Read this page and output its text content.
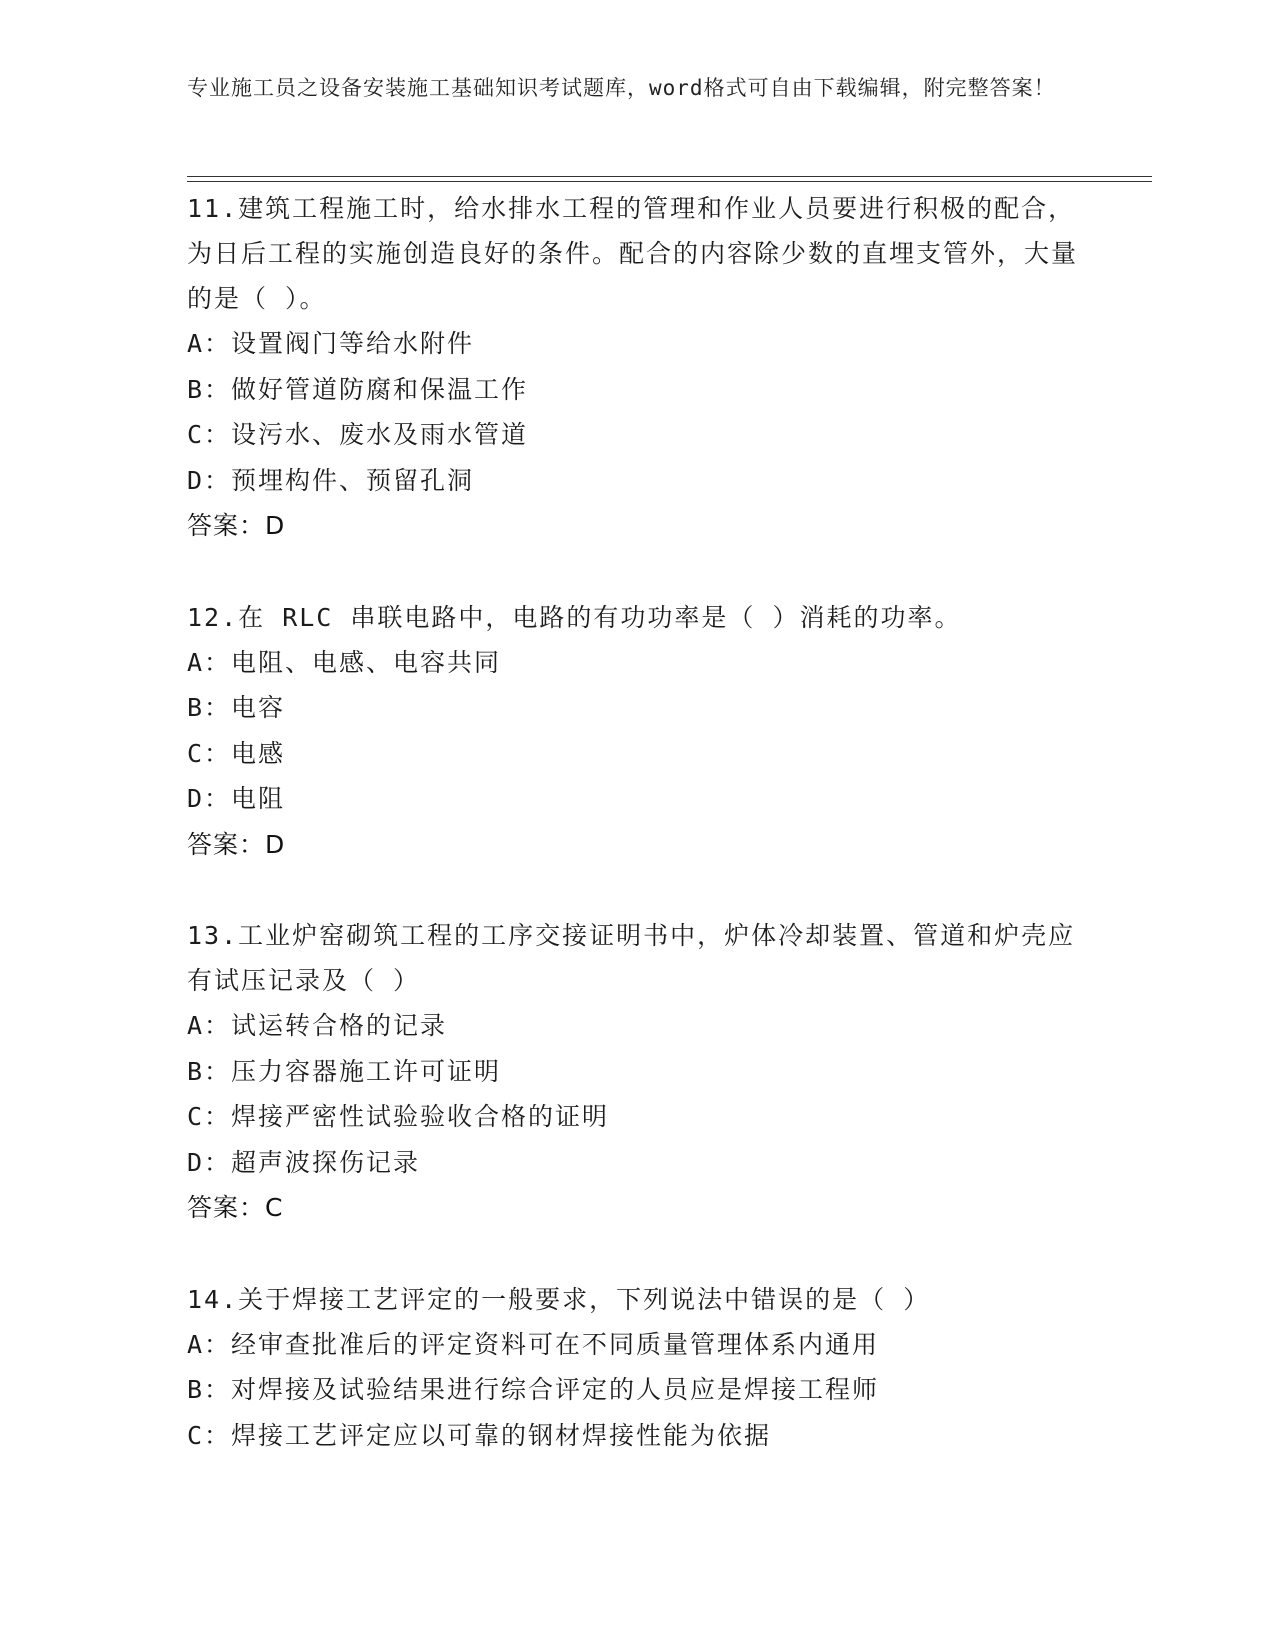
专业施工员之设备安装施工基础知识考试题库，word格式可自由下载编辑，附完整答案！
11.建筑工程施工时，给水排水工程的管理和作业人员要进行积极的配合，为日后工程的实施创造良好的条件。配合的内容除少数的直埋支管外，大量的是（ ）。
A：设置阀门等给水附件
B：做好管道防腐和保温工作
C：设污水、废水及雨水管道
D：预埋构件、预留孔洞
答案：D
12.在 RLC 串联电路中，电路的有功功率是（ ）消耗的功率。
A：电阻、电感、电容共同
B：电容
C：电感
D：电阻
答案：D
13.工业炉窑砌筑工程的工序交接证明书中，炉体冷却装置、管道和炉壳应有试压记录及（ ）
A：试运转合格的记录
B：压力容器施工许可证明
C：焊接严密性试验验收合格的证明
D：超声波探伤记录
答案：C
14.关于焊接工艺评定的一般要求，下列说法中错误的是（ ）
A：经审查批准后的评定资料可在不同质量管理体系内通用
B：对焊接及试验结果进行综合评定的人员应是焊接工程师
C：焊接工艺评定应以可靠的钢材焊接性能为依据
